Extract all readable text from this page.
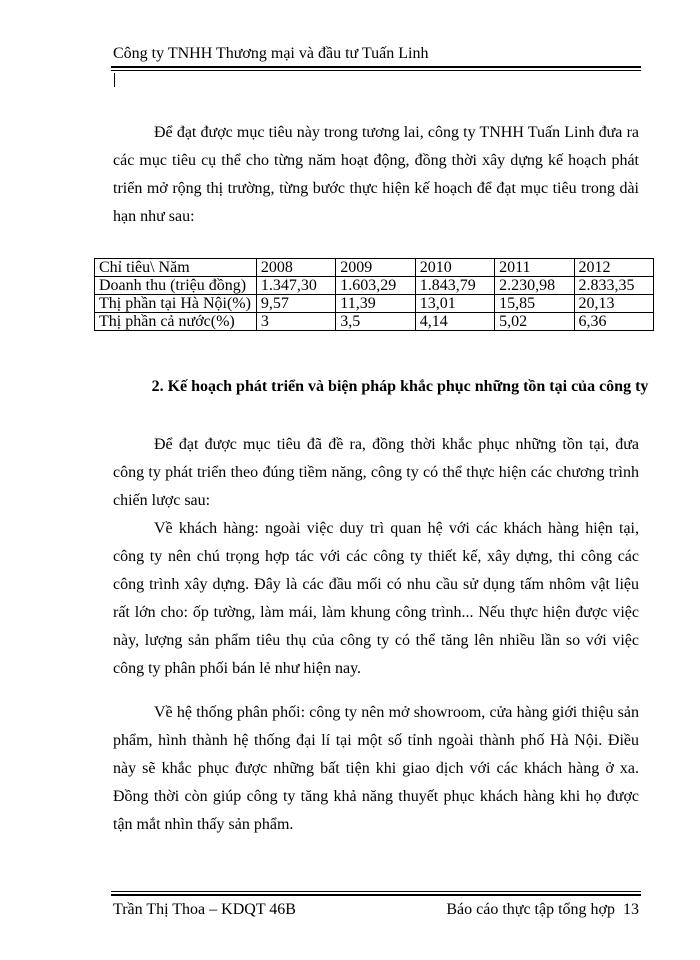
Công ty TNHH Thương mại và đầu tư Tuấn Linh

Để đạt được mục tiêu này trong tương lai, công ty TNHH Tuấn Linh đưa ra các mục tiêu cụ thể cho từng năm hoạt động, đồng thời xây dựng kế hoạch phát triển mở rộng thị trường, từng bước thực hiện kế hoạch để đạt mục tiêu trong dài hạn như sau:

Chỉ tiêu\ Năm	2008	2009	2010	2011	2012
Doanh thu (triệu đồng)	1.347,30	1.603,29	1.843,79	2.230,98	2.833,35
Thị phần tại Hà Nội(%)	9,57	11,39	13,01	15,85	20,13
Thị phần cả nước(%)	3	3,5	4,14	5,02	6,36

2. Kế hoạch phát triển và biện pháp khắc phục những tồn tại của công ty

Để đạt được mục tiêu đã đề ra, đồng thời khắc phục những tồn tại, đưa công ty phát triển theo đúng tiềm năng, công ty có thể thực hiện các chương trình chiến lược sau:

Về khách hàng: ngoài việc duy trì quan hệ với các khách hàng hiện tại, công ty nên chú trọng hợp tác với các công ty thiết kế, xây dựng, thi công các công trình xây dựng. Đây là các đầu mối có nhu cầu sử dụng tấm nhôm vật liệu rất lớn cho: ốp tường, làm mái, làm khung công trình... Nếu thực hiện được việc này, lượng sản phẩm tiêu thụ của công ty có thể tăng lên nhiều lần so với việc công ty phân phối bán lẻ như hiện nay.

Về hệ thống phân phối: công ty nên mở showroom, cửa hàng giới thiệu sản phẩm, hình thành hệ thống đại lí tại một số tỉnh ngoài thành phố Hà Nội. Điều này sẽ khắc phục được những bất tiện khi giao dịch với các khách hàng ở xa. Đồng thời còn giúp công ty tăng khả năng thuyết phục khách hàng khi họ được tận mắt nhìn thấy sản phẩm.

Trần Thị Thoa – KDQT 46B	Báo cáo thực tập tổng hợp 13
